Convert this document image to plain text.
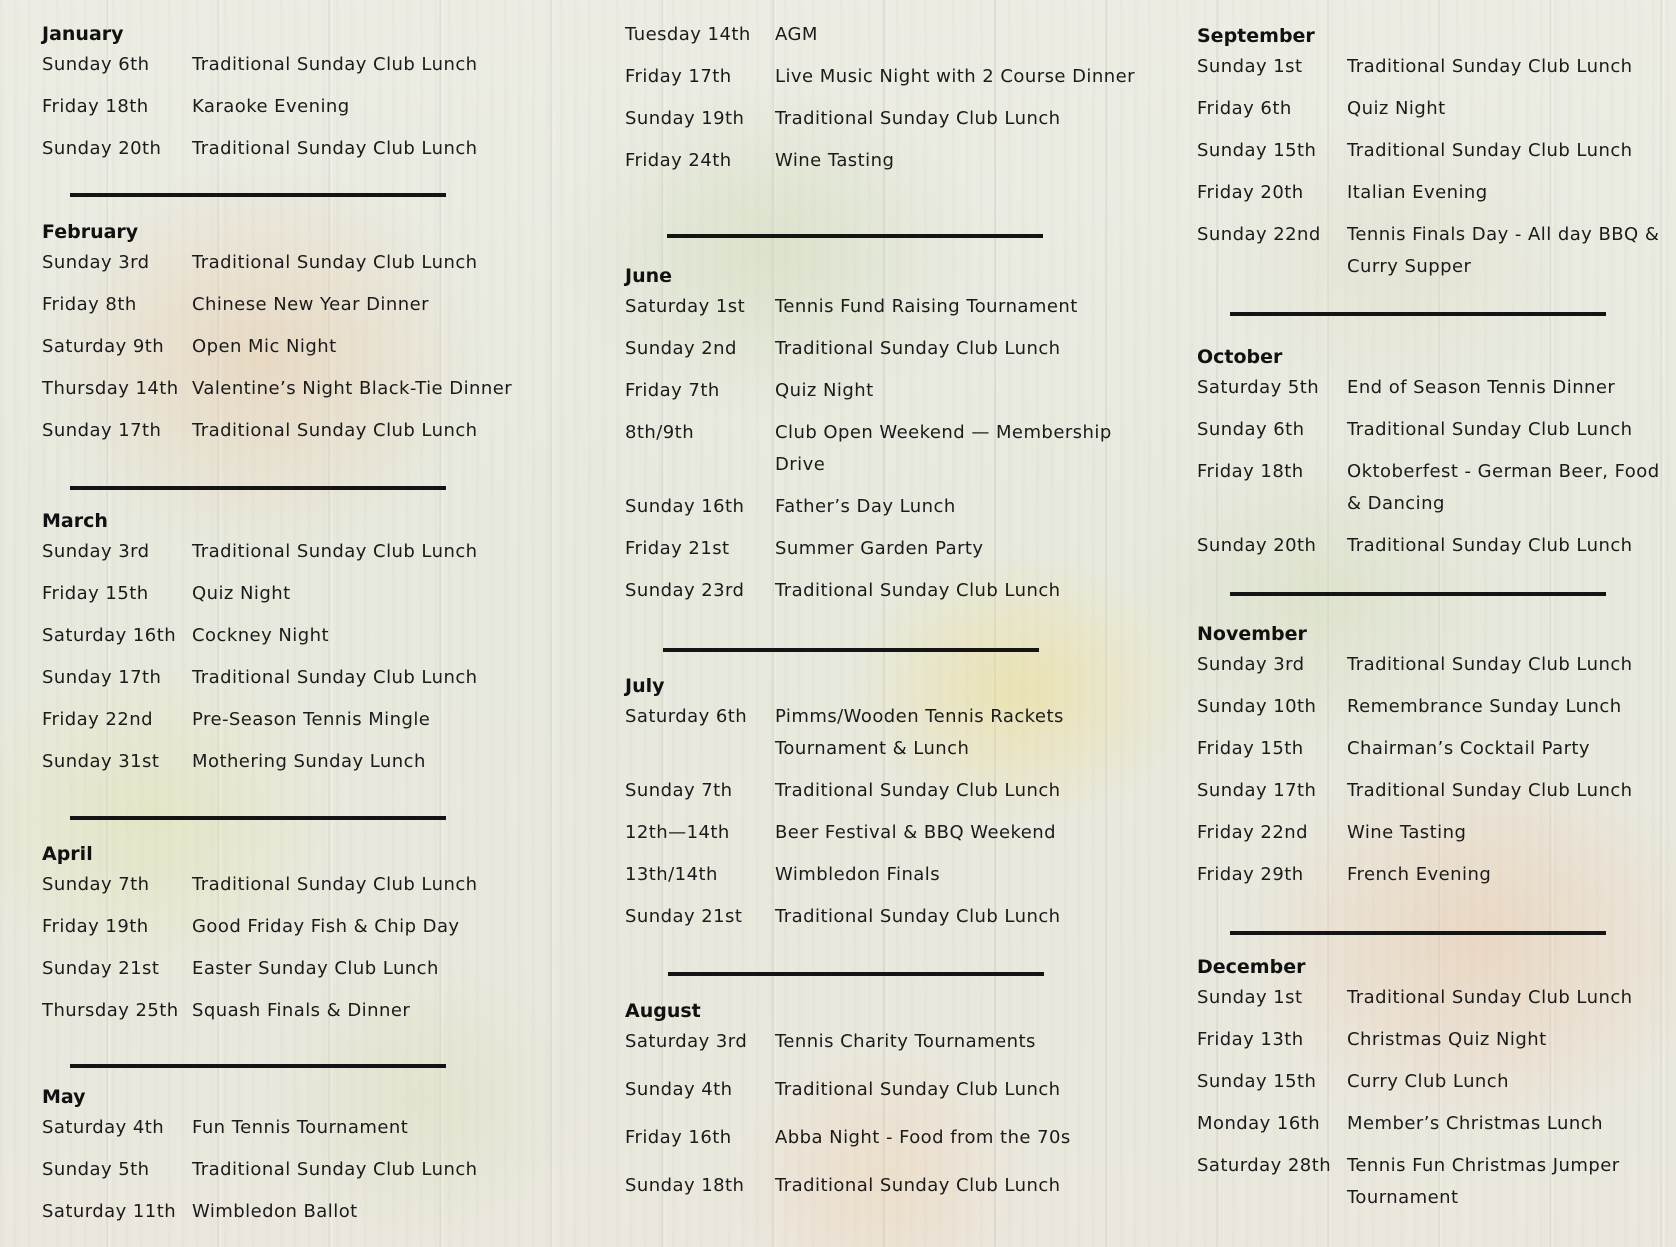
January
Sunday 6th	Traditional Sunday Club Lunch
Friday 18th	Karaoke Evening
Sunday 20th	Traditional Sunday Club Lunch
February
Sunday 3rd	Traditional Sunday Club Lunch
Friday 8th	Chinese New Year Dinner
Saturday 9th	Open Mic Night
Thursday 14th Valentine’s Night Black-Tie Dinner
Sunday 17th	Traditional Sunday Club Lunch
March
Sunday 3rd	Traditional Sunday Club Lunch
Friday 15th	Quiz Night
Saturday 16th Cockney Night
Sunday 17th	Traditional Sunday Club Lunch
Friday 22nd	Pre-Season Tennis Mingle
Sunday 31st	Mothering Sunday Lunch
April
Sunday 7th	Traditional Sunday Club Lunch
Friday 19th	Good Friday Fish & Chip Day
Sunday 21st	Easter Sunday Club Lunch
Thursday 25th Squash Finals & Dinner
May
Saturday 4th	Fun Tennis Tournament
Sunday 5th	Traditional Sunday Club Lunch
Saturday 11th Wimbledon Ballot
Tuesday 14th	AGM
Friday 17th	Live Music Night with 2 Course Dinner
Sunday 19th	Traditional Sunday Club Lunch
Friday 24th	Wine Tasting
June
Saturday 1st	Tennis Fund Raising Tournament
Sunday 2nd	Traditional Sunday Club Lunch
Friday 7th	Quiz Night
8th/9th	Club Open Weekend — Membership Drive
Sunday 16th	Father’s Day Lunch
Friday 21st	Summer Garden Party
Sunday 23rd	Traditional Sunday Club Lunch
July
Saturday 6th	Pimms/Wooden Tennis Rackets Tournament & Lunch
Sunday 7th	Traditional Sunday Club Lunch
12th—14th	Beer Festival & BBQ Weekend
13th/14th	Wimbledon Finals
Sunday 21st	Traditional Sunday Club Lunch
August
Saturday 3rd	Tennis Charity Tournaments
Sunday 4th	Traditional Sunday Club Lunch
Friday 16th	Abba Night - Food from the 70s
Sunday 18th	Traditional Sunday Club Lunch
September
Sunday 1st	Traditional Sunday Club Lunch
Friday 6th	Quiz Night
Sunday 15th	Traditional Sunday Club Lunch
Friday 20th	Italian Evening
Sunday 22nd	Tennis Finals Day - All day BBQ & Curry Supper
October
Saturday 5th	End of Season Tennis Dinner
Sunday 6th	Traditional Sunday Club Lunch
Friday 18th	Oktoberfest - German Beer, Food & Dancing
Sunday 20th	Traditional Sunday Club Lunch
November
Sunday 3rd	Traditional Sunday Club Lunch
Sunday 10th	Remembrance Sunday Lunch
Friday 15th	Chairman’s Cocktail Party
Sunday 17th	Traditional Sunday Club Lunch
Friday 22nd	Wine Tasting
Friday 29th	French Evening
December
Sunday 1st	Traditional Sunday Club Lunch
Friday 13th	Christmas Quiz Night
Sunday 15th	Curry Club Lunch
Monday 16th	Member’s Christmas Lunch
Saturday 28th Tennis Fun Christmas Jumper Tournament
